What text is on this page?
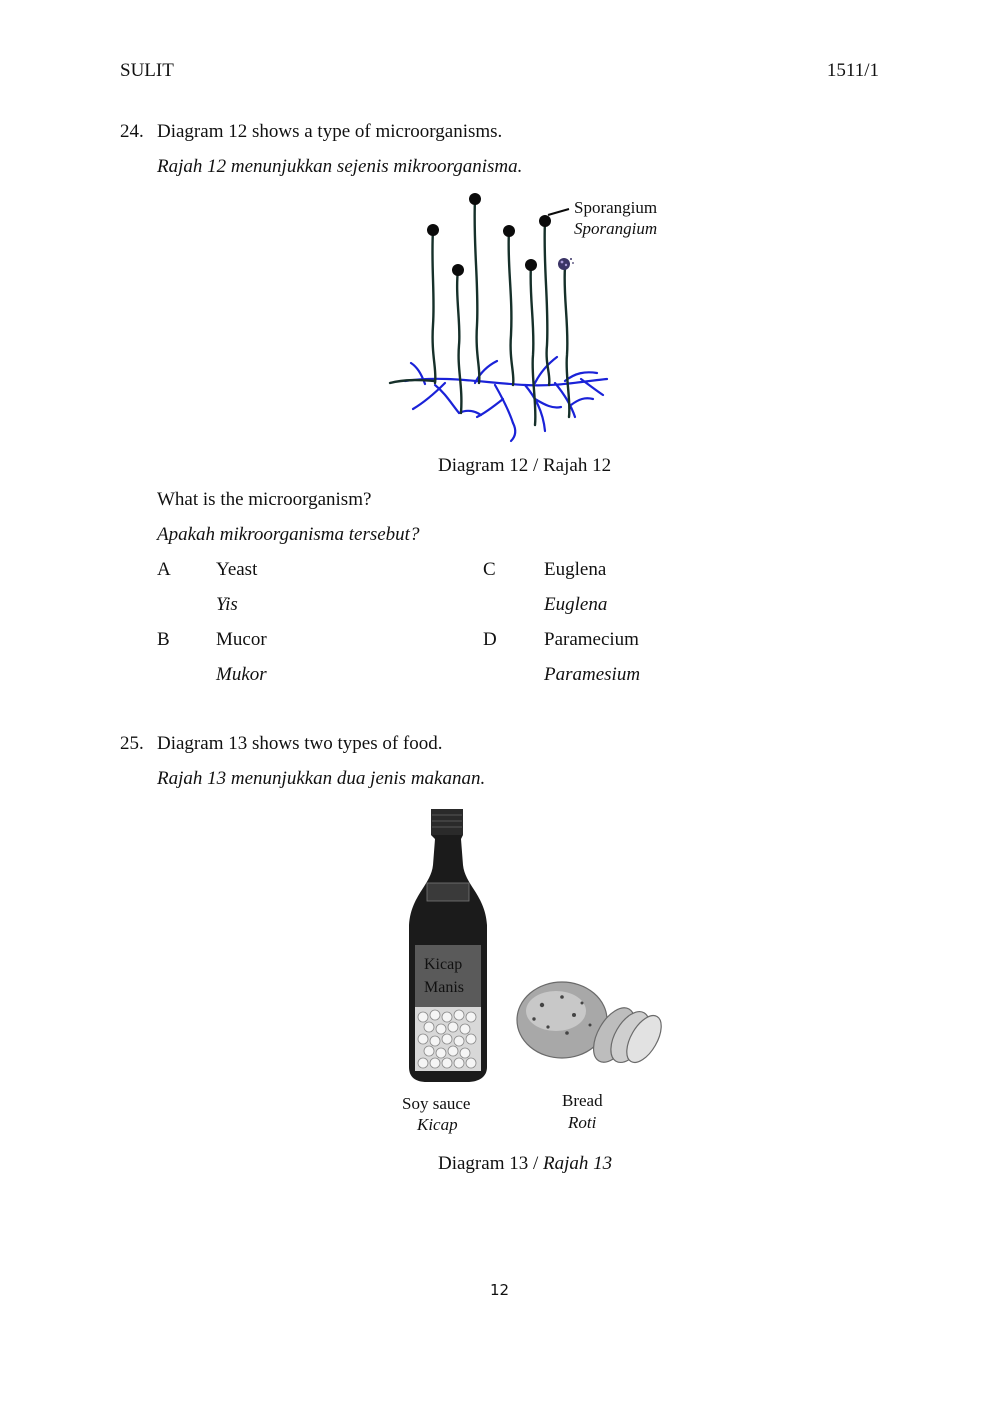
SULIT	1511/1
24. Diagram 12 shows a type of microorganisms.
Rajah 12 menunjukkan sejenis mikroorganisma.
Sporangium
Sporangium
Diagram 12 / Rajah 12
What is the microorganism?
Apakah mikroorganisma tersebut?
A Yeast
Yis
C	Euglena
Euglena
B Mucor
Mukor
D Paramecium
Paramesium
25. Diagram 13 shows two types of food.
Rajah 13 menunjukkan dua jenis makanan.
Kicap
Manis
Soy sauce
Kicap
Bread
Roti
Diagram 13 / Rajah 13
12
